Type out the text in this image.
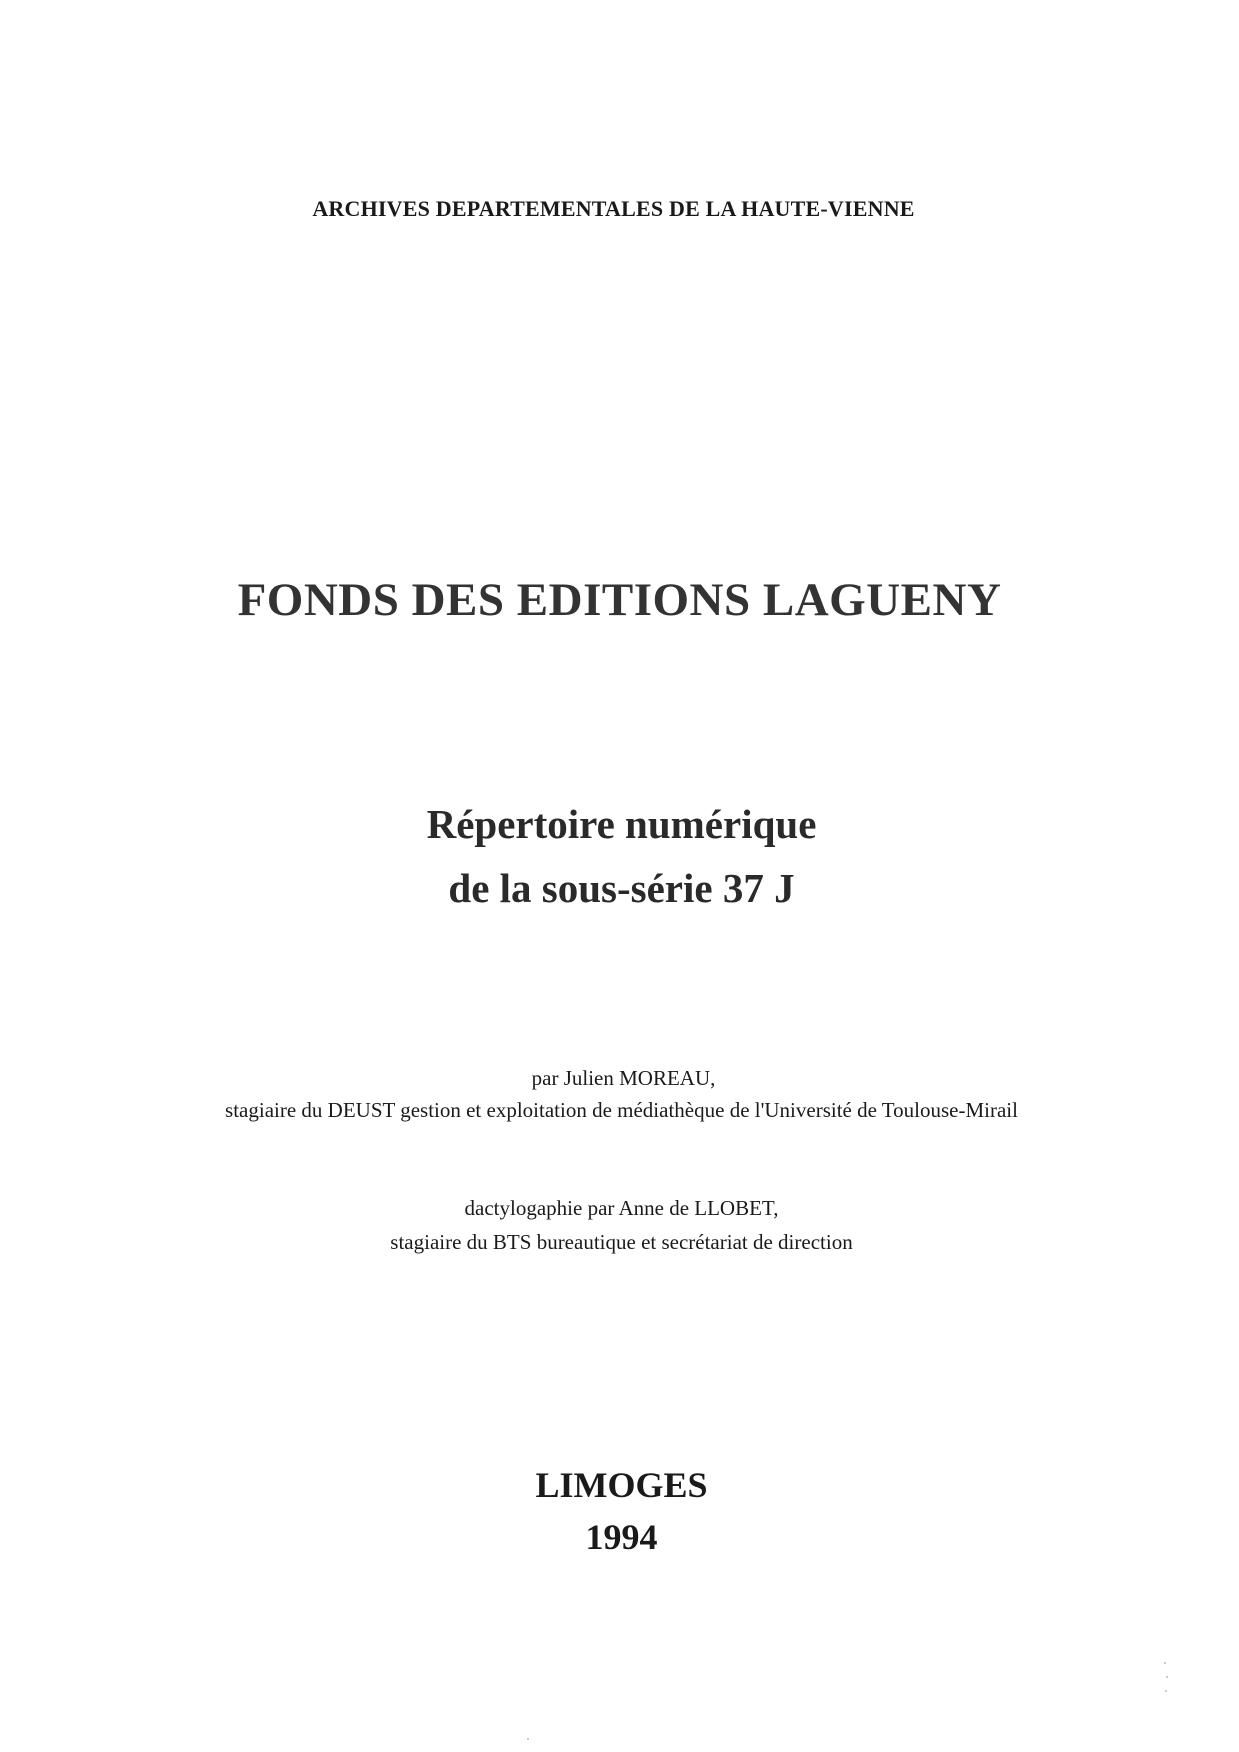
ARCHIVES DEPARTEMENTALES DE LA HAUTE-VIENNE
FONDS DES EDITIONS LAGUENY
Répertoire numérique
de la sous-série 37 J
par Julien MOREAU,
stagiaire du DEUST gestion et exploitation de médiathèque de l'Université de Toulouse-Mirail
dactylogaphie par Anne de LLOBET,
stagiaire du BTS bureautique et secrétariat de direction
LIMOGES
1994
